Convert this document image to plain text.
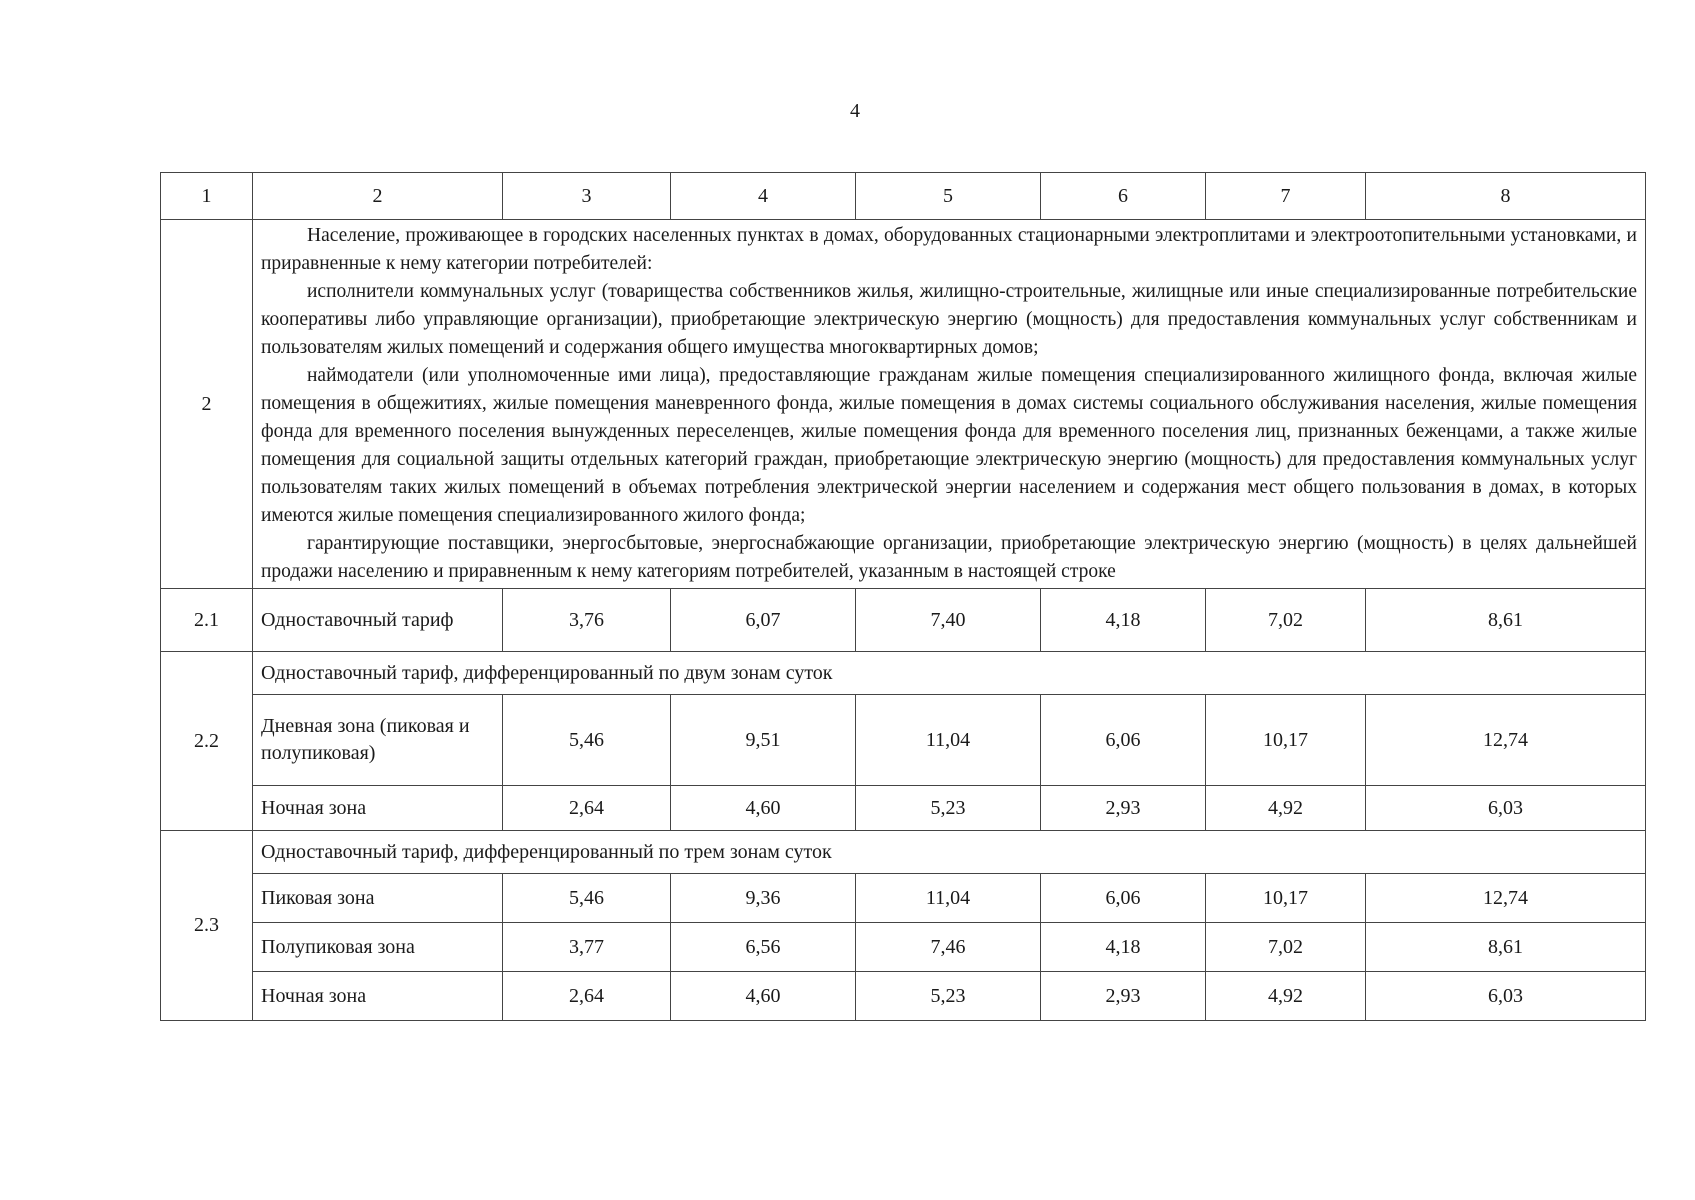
4
1	2	3	4	5	6	7	8
2	Население, проживающее в городских населенных пунктах в домах, оборудованных стационарными электроплитами и электроотопительными установками, и приравненные к нему категории потребителей:

исполнители коммунальных услуг (товарищества собственников жилья, жилищно-строительные, жилищные или иные специализированные потребительские кооперативы либо управляющие организации), приобретающие электрическую энергию (мощность) для предоставления коммунальных услуг собственникам и пользователям жилых помещений и содержания общего имущества многоквартирных домов;

наймодатели (или уполномоченные ими лица), предоставляющие гражданам жилые помещения специализированного жилищного фонда, включая жилые помещения в общежитиях, жилые помещения маневренного фонда, жилые помещения в домах системы социального обслуживания населения, жилые помещения фонда для временного поселения вынужденных переселенцев, жилые помещения фонда для временного поселения лиц, признанных беженцами, а также жилые помещения для социальной защиты отдельных категорий граждан, приобретающие электрическую энергию (мощность) для предоставления коммунальных услуг пользователям таких жилых помещений в объемах потребления электрической энергии населением и содержания мест общего пользования в домах, в которых имеются жилые помещения специализированного жилого фонда;

гарантирующие поставщики, энергосбытовые, энергоснабжающие организации, приобретающие электрическую энергию (мощность) в целях дальнейшей продажи населению и приравненным к нему категориям потребителей, указанным в настоящей строке						

2.1	Одноставочный тариф	3,76	6,07	7,40	4,18	7,02	8,61
2.2	Одноставочный тариф, дифференцированный по двум зонам суток						
	Дневная зона (пиковая и полупиковая)	5,46	9,51	11,04	6,06	10,17	12,74
	Ночная зона	2,64	4,60	5,23	2,93	4,92	6,03
2.3	Одноставочный тариф, дифференцированный по трем зонам суток						
	Пиковая зона	5,46	9,36	11,04	6,06	10,17	12,74
	Полупиковая зона	3,77	6,56	7,46	4,18	7,02	8,61
	Ночная зона	2,64	4,60	5,23	2,93	4,92	6,03
